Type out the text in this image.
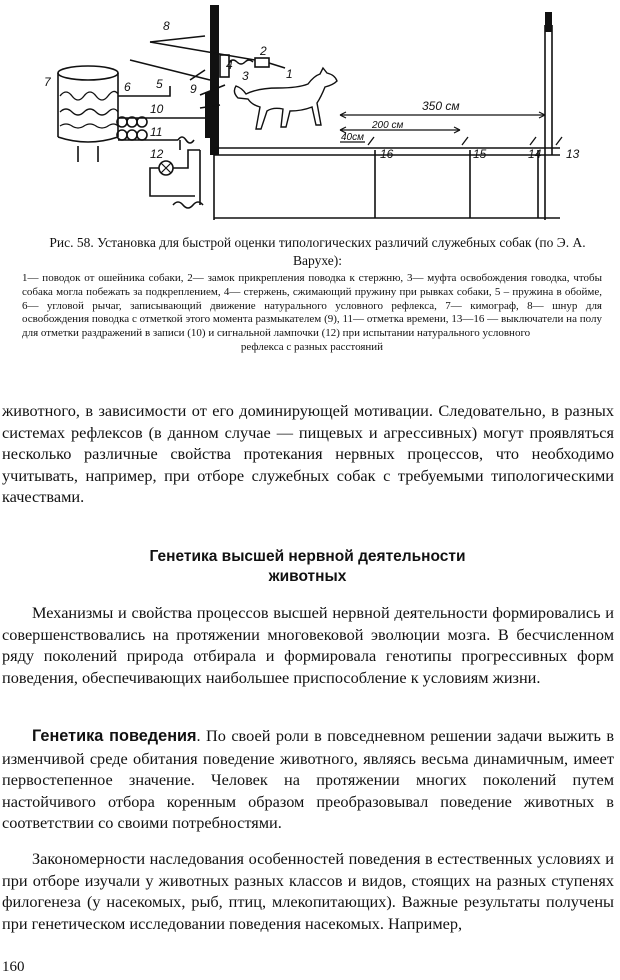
8
4
2
1
3
7	6 5 9
10
11
12	13
14
15
16
350 см
200 см
40см
Рис. 58. Установка для быстрой оценки типологических различий служебных собак (по Э. А. Варухе):
1— поводок от ошейника собаки, 2— замок прикрепления поводка к стержню, 3— муфта освобождения говодка, чтобы собака могла побежать за подкреплением, 4— стержень, сжимающий пружину при рывках собаки, 5 – пружина в обойме, 6— угловой рычаг, записывающий движение натурального условного рефлекса, 7— кимограф, 8— шнур для освобождения поводка с отметкой этого момента размыкателем (9), 11— отметка времени, 13—16 — выключатели на полу для отметки раздражений в записи (10) и сигнальной лампочки (12) при испытании натурального условного
рефлекса с разных расстояний
животного, в зависимости от его доминирующей мотивации. Следовательно, в разных системах рефлексов (в данном случае — пищевых и агрессивных) могут проявляться несколько различные свойства протекания нервных процессов, что необходимо учитывать, например, при отборе служебных собак с требуемыми типологическими качествами.
Генетика высшей нервной деятельности
животных
Механизмы и свойства процессов высшей нервной деятельности формировались и совершенствовались на протяжении многовековой эволюции мозга. В бесчисленном ряду поколений природа отбирала и формировала генотипы прогрессивных форм поведения, обеспечивающих наибольшее приспособление к условиям жизни.
Генетика поведения. По своей роли в повседневном решении задачи выжить в изменчивой среде обитания поведение животного, являясь весьма динамичным, имеет первостепенное значение. Человек на протяжении многих поколений путем настойчивого отбора коренным образом преобразовывал поведение животных в соответствии со своими потребностями.
Закономерности наследования особенностей поведения в естественных условиях и при отборе изучали у животных разных классов и видов, стоящих на разных ступенях филогенеза (у насекомых, рыб, птиц, млекопитающих). Важные результаты получены при генетическом исследовании поведения насекомых. Например,
160
